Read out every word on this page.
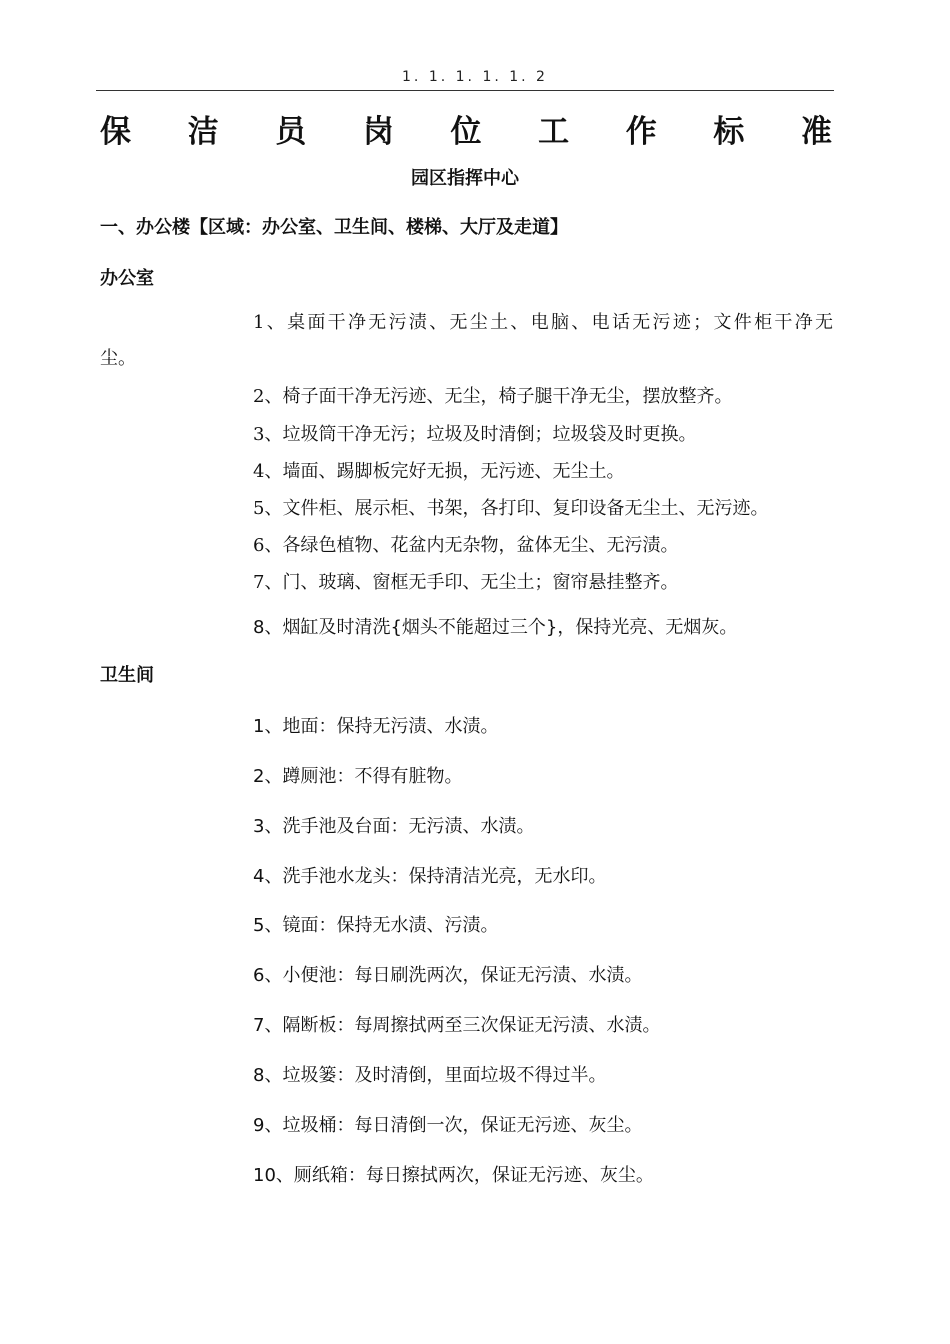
1. 1. 1. 1. 1. 2
保 洁 员 岗 位 工 作 标 准
园区指挥中心
一、办公楼【区域：办公室、卫生间、楼梯、大厅及走道】
办公室
1、桌面干净无污渍、无尘土、电脑、电话无污迹；文件柜干净无
尘。
2、椅子面干净无污迹、无尘，椅子腿干净无尘，摆放整齐。
3、垃圾筒干净无污；垃圾及时清倒；垃圾袋及时更换。
4、墙面、踢脚板完好无损，无污迹、无尘土。
5、文件柜、展示柜、书架，各打印、复印设备无尘土、无污迹。
6、各绿色植物、花盆内无杂物，盆体无尘、无污渍。
7、门、玻璃、窗框无手印、无尘土；窗帘悬挂整齐。
8、烟缸及时清洗{烟头不能超过三个}，保持光亮、无烟灰。
卫生间
1、地面：保持无污渍、水渍。
2、蹲厕池：不得有脏物。
3、洗手池及台面：无污渍、水渍。
4、洗手池水龙头：保持清洁光亮，无水印。
5、镜面：保持无水渍、污渍。
6、小便池：每日刷洗两次，保证无污渍、水渍。
7、隔断板：每周擦拭两至三次保证无污渍、水渍。
8、垃圾篓：及时清倒，里面垃圾不得过半。
9、垃圾桶：每日清倒一次，保证无污迹、灰尘。
10、厕纸箱：每日擦拭两次，保证无污迹、灰尘。
